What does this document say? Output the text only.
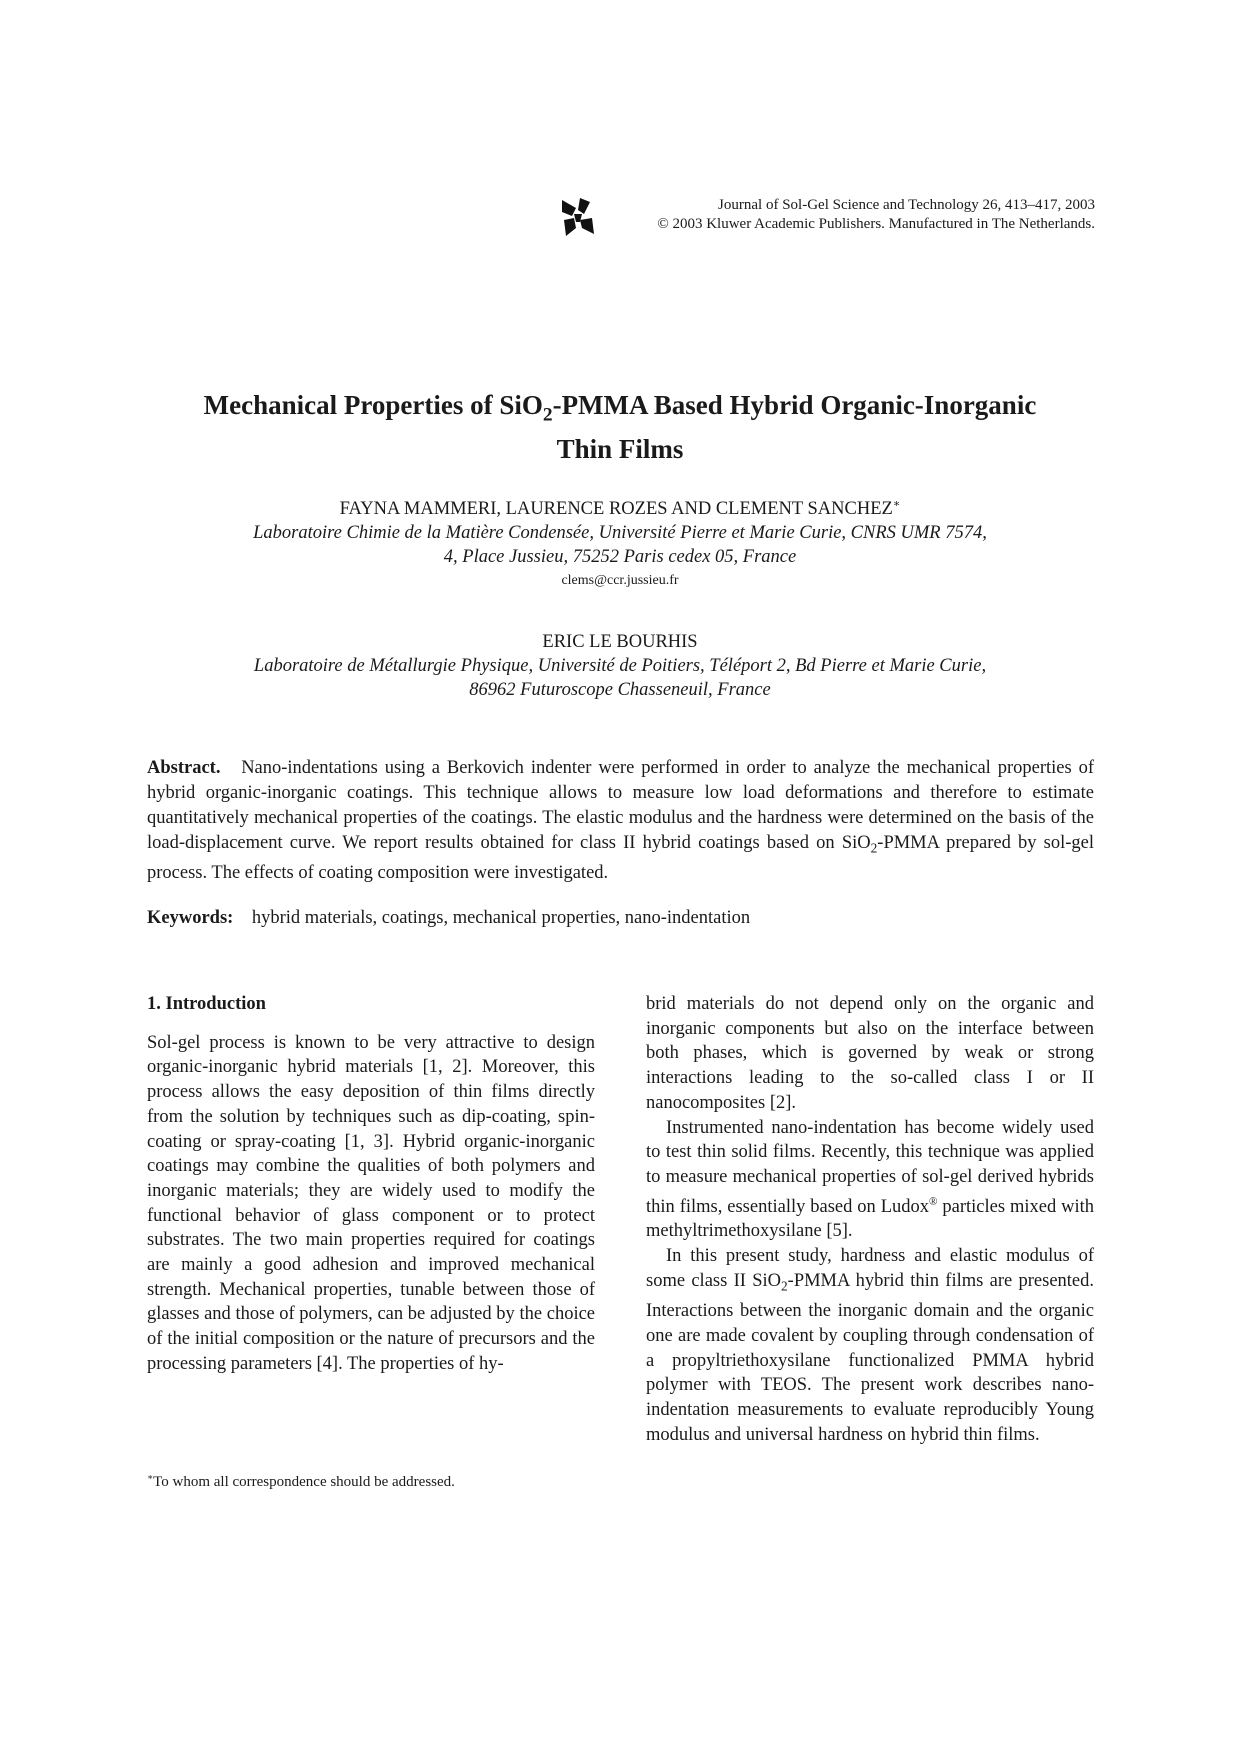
Journal of Sol-Gel Science and Technology 26, 413–417, 2003
© 2003 Kluwer Academic Publishers. Manufactured in The Netherlands.
Mechanical Properties of SiO$_2$-PMMA Based Hybrid Organic-Inorganic
Thin Films
FAYNA MAMMERI, LAURENCE ROZES AND CLEMENT SANCHEZ∗
Laboratoire Chimie de la Matière Condensée, Université Pierre et Marie Curie, CNRS UMR 7574,
4, Place Jussieu, 75252 Paris cedex 05, France
clems@ccr.jussieu.fr
ERIC LE BOURHIS
Laboratoire de Métallurgie Physique, Université de Poitiers, Téléport 2, Bd Pierre et Marie Curie,
86962 Futuroscope Chasseneuil, France
Abstract. Nano-indentations using a Berkovich indenter were performed in order to analyze the mechanical properties of hybrid organic-inorganic coatings. This technique allows to measure low load deformations and therefore to estimate quantitatively mechanical properties of the coatings. The elastic modulus and the hardness were determined on the basis of the load-displacement curve. We report results obtained for class II hybrid coatings based on SiO$_2$-PMMA prepared by sol-gel process. The effects of coating composition were investigated.
Keywords: hybrid materials, coatings, mechanical properties, nano-indentation

1. Introduction

Sol-gel process is known to be very attractive to design organic-inorganic hybrid materials [1, 2]. Moreover, this process allows the easy deposition of thin films directly from the solution by techniques such as dip-coating, spin-coating or spray-coating [1, 3]. Hybrid organic-inorganic coatings may combine the qualities of both polymers and inorganic materials; they are widely used to modify the functional behavior of glass component or to protect substrates. The two main properties required for coatings are mainly a good adhesion and improved mechanical strength. Mechanical properties, tunable between those of glasses and those of polymers, can be adjusted by the choice of the initial composition or the nature of precursors and the processing parameters [4]. The properties of hy-

brid materials do not depend only on the organic and inorganic components but also on the interface between both phases, which is governed by weak or strong interactions leading to the so-called class I or II nanocomposites [2].

Instrumented nano-indentation has become widely used to test thin solid films. Recently, this technique was applied to measure mechanical properties of sol-gel derived hybrids thin films, essentially based on Ludox® particles mixed with methyltrimethoxysilane [5].

In this present study, hardness and elastic modulus of some class II SiO$_2$-PMMA hybrid thin films are presented. Interactions between the inorganic domain and the organic one are made covalent by coupling through condensation of a propyltriethoxysilane functionalized PMMA hybrid polymer with TEOS. The present work describes nano-indentation measurements to evaluate reproducibly Young modulus and universal hardness on hybrid thin films.

∗To whom all correspondence should be addressed.
